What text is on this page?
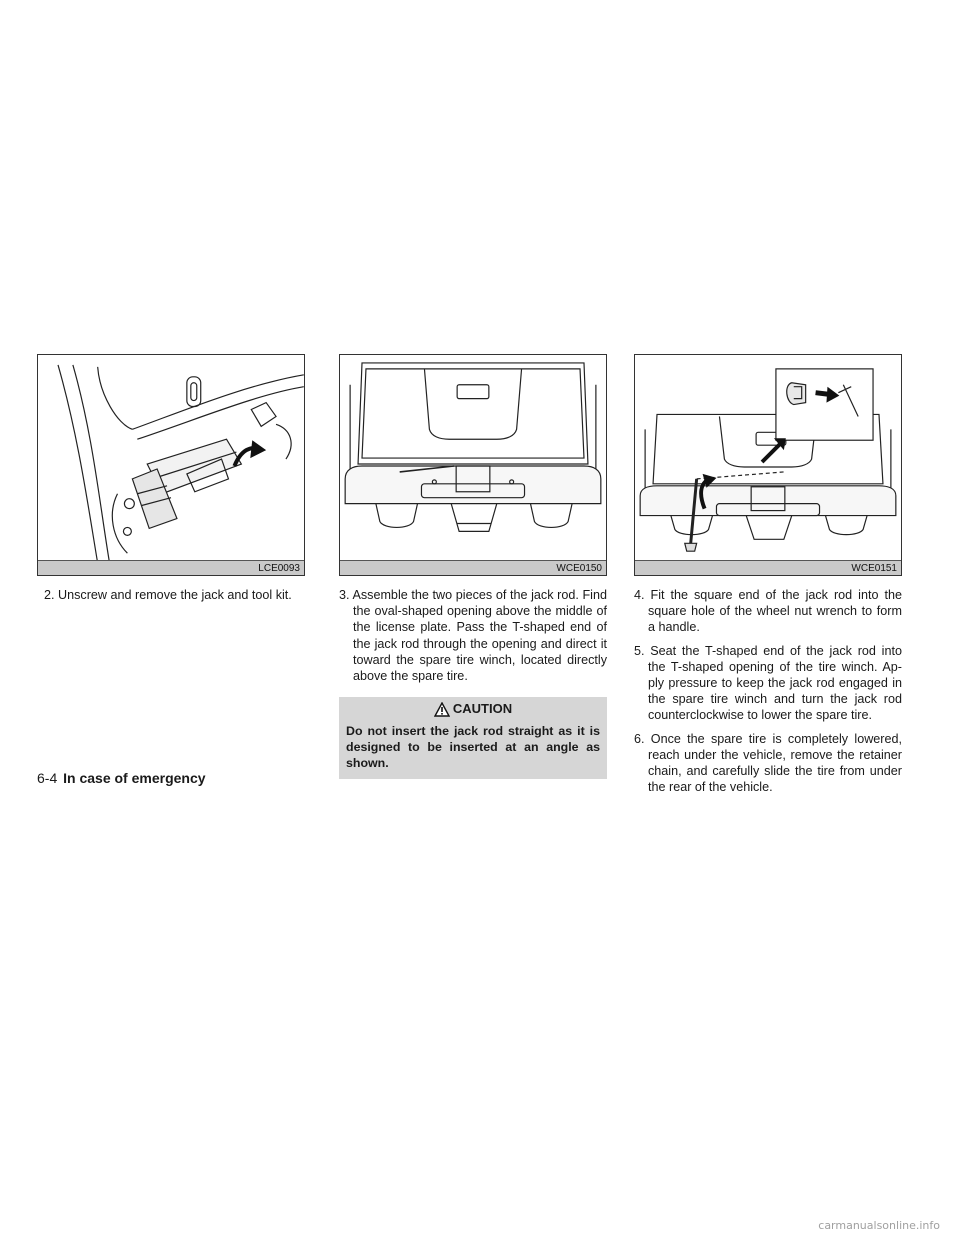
LCE0093	WCE0150	WCE0151

2. Unscrew and remove the jack and tool kit.	3. Assemble the two pieces of the jack rod. Find the oval-shaped opening above the middle of the license plate. Pass the T-shaped end of the jack rod through the opening and direct it toward the spare tire winch, located directly above the spare tire.

CAUTION
Do not insert the jack rod straight as it is designed to be inserted at an angle as shown.

4. Fit the square end of the jack rod into the square hole of the wheel nut wrench to form a handle.

5. Seat the T-shaped end of the jack rod into the T-shaped opening of the tire winch. Ap-ply pressure to keep the jack rod engaged in the spare tire winch and turn the jack rod counterclockwise to lower the spare tire.

6. Once the spare tire is completely lowered, reach under the vehicle, remove the retainer chain, and carefully slide the tire from under the rear of the vehicle.

6-4 In case of emergency
carmanualsonline.info
